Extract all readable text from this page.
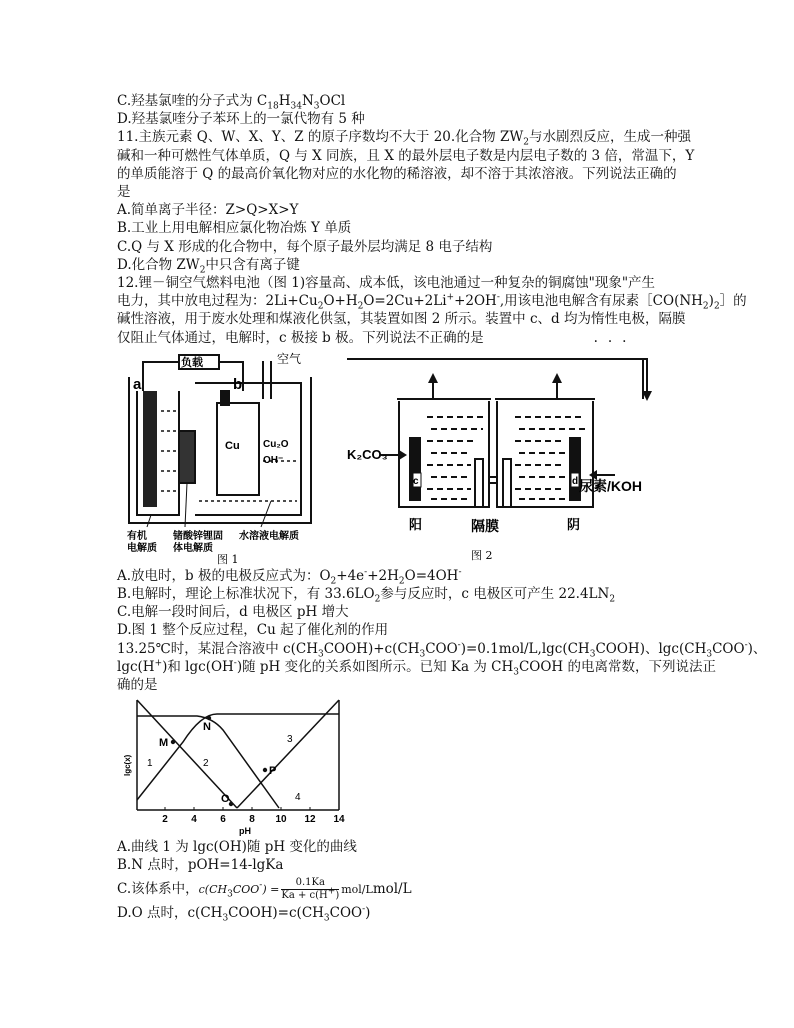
C.羟基氯喹的分子式为 $C_{18}H_{34}N_3OCl$

D.羟基氯喹分子苯环上的一氯代物有 5 种

11.主族元素 Q、W、X、Y、Z 的原子序数均不大于 20.化合物 $ZW_2$与水剧烈反应，生成一种强

碱和一种可燃性气体单质，Q 与 X 同族，且 X 的最外层电子数是内层电子数的 3 倍，常温下，Y

的单质能溶于 Q 的最高价氧化物对应的水化物的稀溶液，却不溶于其浓溶液。下列说法正确的

是

A.简单离子半径：Z>Q>X>Y

B.工业上用电解相应氯化物冶炼 Y 单质

C.Q 与 X 形成的化合物中，每个原子最外层均满足 8 电子结构

D.化合物 $ZW_2$中只含有离子键

12.锂－铜空气燃料电池（图 1)容量高、成本低，该电池通过一种复杂的铜腐蚀"现象"产生

电力，其中放电过程为：$2Li+Cu_2O+H_2O=2Cu+2Li^++2OH^-$,用该电池电解含有尿素$[CO(NH_2)_2]$的

碱性溶液，用于废水处理和煤液化供氢，其装置如图 2 所示。装置中 c、d 均为惰性电极，隔膜

仅阻止气体通过，电解时，c 极接 b 极。下列说法不正确的是	...

a	b
负载	空气
Cu Cu₂O
OH⁻
有机
电解质
锗酸锌锂固
体电解质
水溶液电解质
图 1
K₂CO₃
c	d 尿素/KOH
阳	隔膜	阴
图 2

A.放电时，b 极的电极反应式为：$O_2+4e^-+2H_2O=4OH^-$

B.电解时，理论上标准状况下，有 $33.6LO_2$参与反应时，c 电极区可产生 $22.4LN_2$

C.电解一段时间后，d 电极区 pH 增大

D.图 1 整个反应过程，Cu 起了催化剂的作用

13.25℃时，某混合溶液中 $c(CH_3COOH)+c(CH_3COO^-)=0.1mol/L,\lg c(CH_3COOH)$、$\lg c(CH_3COO^-)$、

lgc(H+)和 lgc(OH-)随 pH 变化的关系如图所示。已知 Ka 为 $CH_3COOH$ 的电离常数，下列说法正

确的是

M
N
O
P
1	2
3
4
lgc(x)
2 4 6 8 10 12 14
pH

A.曲线 1 为 lgc(OH)随 pH 变化的曲线

B.N 点时，pOH=14-lgKa

C.该体系中，$c(CH_3COO^-) = \frac{0.1Ka}{Ka + c(H^+)}$ mol/Lmol/L

D.O 点时，$c(CH_3COOH)=c(CH_3COO^-)$
